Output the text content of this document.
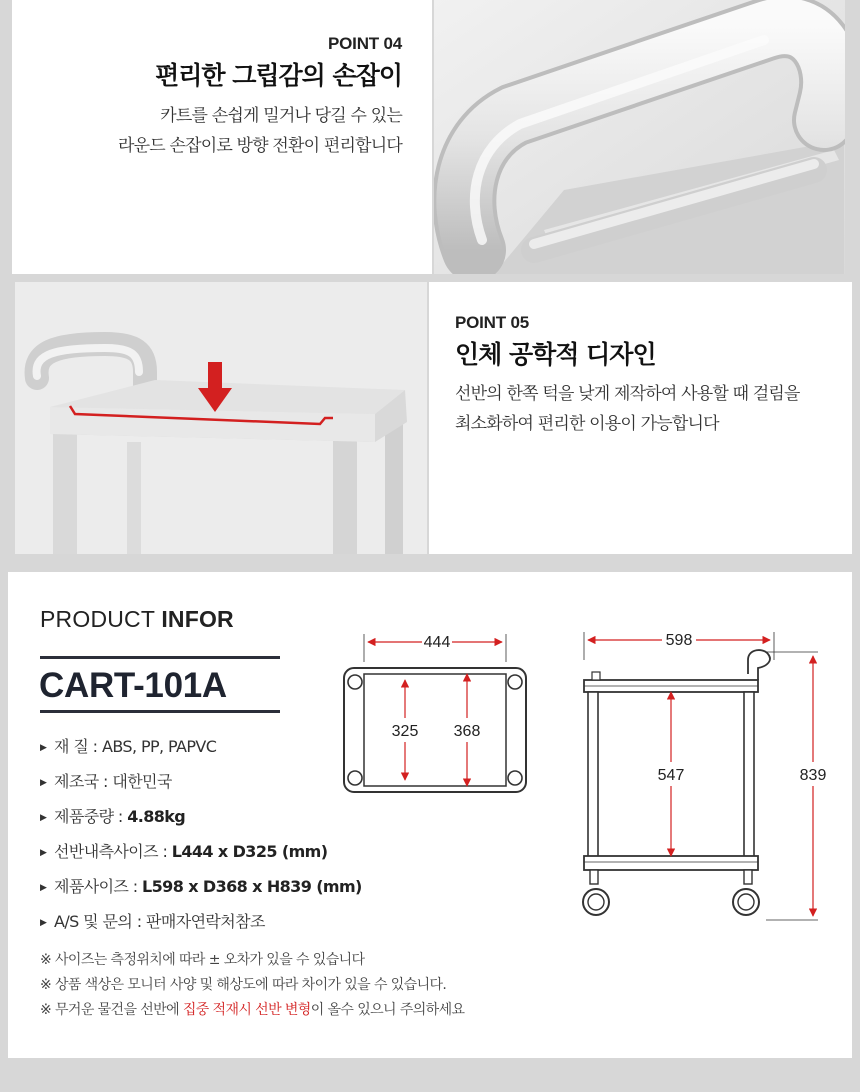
POINT 04
편리한 그립감의 손잡이
카트를 손쉽게 밀거나 당길 수 있는
라운드 손잡이로 방향 전환이 편리합니다
POINT 05
인체 공학적 디자인
선반의 한쪽 턱을 낮게 제작하여 사용할 때 걸림을
최소화하여 편리한 이용이 가능합니다
PRODUCT INFOR
CART-101A
▶ 재 질 : ABS, PP, PAPVC
▶ 제조국 : 대한민국
▶ 제품중량 : 4.88kg
▶ 선반내측사이즈 : L444 x D325 (mm)
▶ 제품사이즈 : L598 x D368 x H839 (mm)
▶ A/S 및 문의 : 판매자연락처참조
※ 사이즈는 측정위치에 따라 ± 오차가 있을 수 있습니다
※ 상품 색상은 모니터 사양 및 해상도에 따라 차이가 있을 수 있습니다.
※ 무거운 물건을 선반에 집중 적재시 선반 변형이 올수 있으니 주의하세요
444
325 368
598
547	839
